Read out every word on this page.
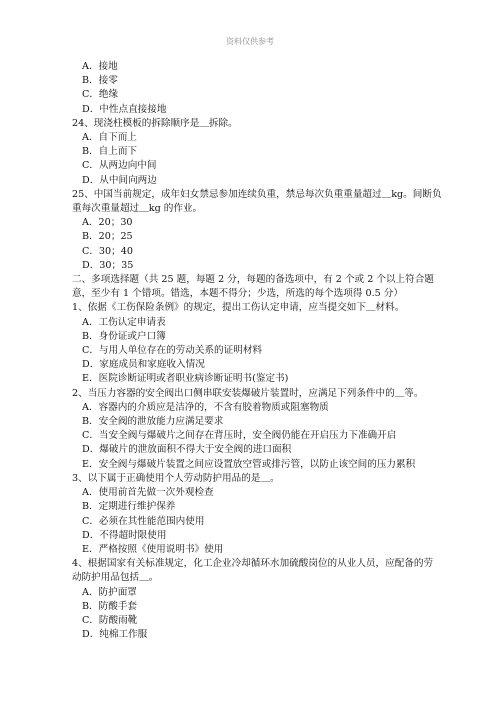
资料仅供参考
A．接地
B．接零
C．绝缘
D．中性点直接接地
24、现浇柱模板的拆除顺序是＿拆除。
A．自下而上
B．自上而下
C．从两边向中间
D．从中间向两边
25、中国当前规定，成年妇女禁忌参加连续负重，禁忌每次负重重量超过＿kg。间断负重每次重量超过＿kg 的作业。
A．20；30
B．20；25
C．30；40
D．30；35
二、多项选择题（共 25 题，每题 2 分，每题的备选项中，有 2 个或 2 个以上符合题意，至少有 1 个错项。错选，本题不得分；少选，所选的每个选项得 0.5 分）
1、依据《工伤保险条例》的规定，提出工伤认定申请，应当提交如下＿材料。
A．工伤认定申请表
B．身份证或户口簿
C．与用人单位存在的劳动关系的证明材料
D．家庭成员和家庭收入情况
E．医院诊断证明或者职业病诊断证明书(鉴定书)
2、当压力容器的安全阀出口侧串联安装爆破片装置时，应满足下列条件中的＿等。
A．容器内的介质应是洁净的，不含有胶着物质或阻塞物质
B．安全阀的泄放能力应满足要求
C．当安全阀与爆破片之间存在背压时，安全阀仍能在开启压力下准确开启
D．爆破片的泄放面积不得大于安全阀的进口面积
E．安全阀与爆破片装置之间应设置放空管或排污管，以防止该空间的压力累积
3、以下属于正确使用个人劳动防护用品的是＿。
A．使用前首先做一次外观检查
B．定期进行维护保养
C．必须在其性能范围内使用
D．不得超时限使用
E．严格按照《使用说明书》使用
4、根据国家有关标准规定，化工企业冷却循环水加硫酸岗位的从业人员，应配备的劳动防护用品包括＿。
A．防护面罩
B．防酸手套
C．防酸雨靴
D．纯棉工作服
